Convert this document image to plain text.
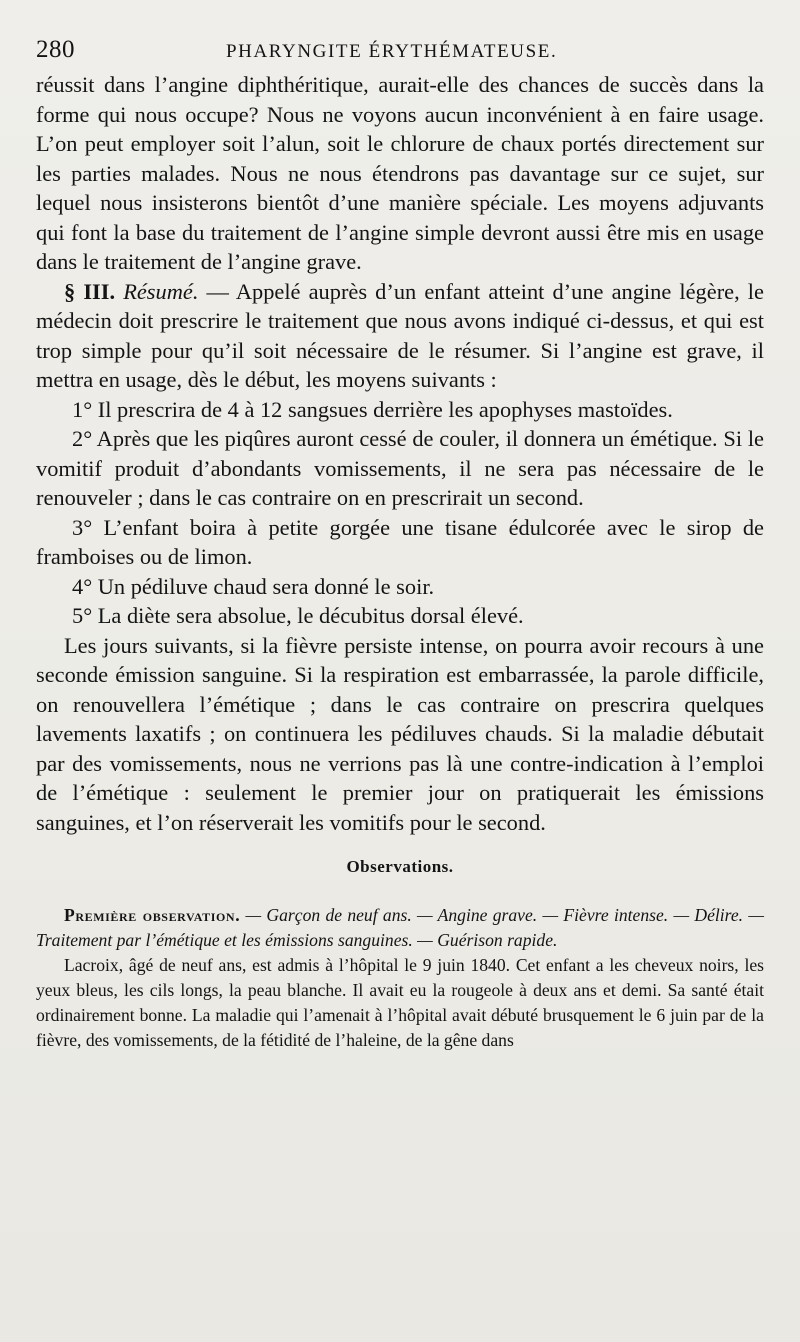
280	PHARYNGITE ÉRYTHÉMATEUSE.

réussit dans l’angine diphthéritique, aurait-elle des chances de succès dans la forme qui nous occupe? Nous ne voyons aucun inconvénient à en faire usage. L’on peut employer soit l’alun, soit le chlorure de chaux portés directement sur les parties malades. Nous ne nous étendrons pas davantage sur ce sujet, sur lequel nous insisterons bientôt d’une manière spéciale. Les moyens adjuvants qui font la base du traitement de l’angine simple devront aussi être mis en usage dans le traitement de l’angine grave.

§ III. Résumé. — Appelé auprès d’un enfant atteint d’une angine légère, le médecin doit prescrire le traitement que nous avons indiqué ci-dessus, et qui est trop simple pour qu’il soit nécessaire de le résumer. Si l’angine est grave, il mettra en usage, dès le début, les moyens suivants :

1° Il prescrira de 4 à 12 sangsues derrière les apophyses mastoïdes.

2° Après que les piqûres auront cessé de couler, il donnera un émétique. Si le vomitif produit d’abondants vomissements, il ne sera pas nécessaire de le renouveler ; dans le cas contraire on en prescrirait un second.

3° L’enfant boira à petite gorgée une tisane édulcorée avec le sirop de framboises ou de limon.

4° Un pédiluve chaud sera donné le soir.

5° La diète sera absolue, le décubitus dorsal élevé.

Les jours suivants, si la fièvre persiste intense, on pourra avoir recours à une seconde émission sanguine. Si la respiration est embarrassée, la parole difficile, on renouvellera l’émétique ; dans le cas contraire on prescrira quelques lavements laxatifs ; on continuera les pédiluves chauds. Si la maladie débutait par des vomissements, nous ne verrions pas là une contre-indication à l’emploi de l’émétique : seulement le premier jour on pratiquerait les émissions sanguines, et l’on réserverait les vomitifs pour le second.

Observations.

Première observation. — Garçon de neuf ans. — Angine grave. — Fièvre intense. — Délire. — Traitement par l’émétique et les émissions sanguines. — Guérison rapide.

Lacroix, âgé de neuf ans, est admis à l’hôpital le 9 juin 1840. Cet enfant a les cheveux noirs, les yeux bleus, les cils longs, la peau blanche. Il avait eu la rougeole à deux ans et demi. Sa santé était ordinairement bonne. La maladie qui l’amenait à l’hôpital avait débuté brusquement le 6 juin par de la fièvre, des vomissements, de la fétidité de l’haleine, de la gêne dans
